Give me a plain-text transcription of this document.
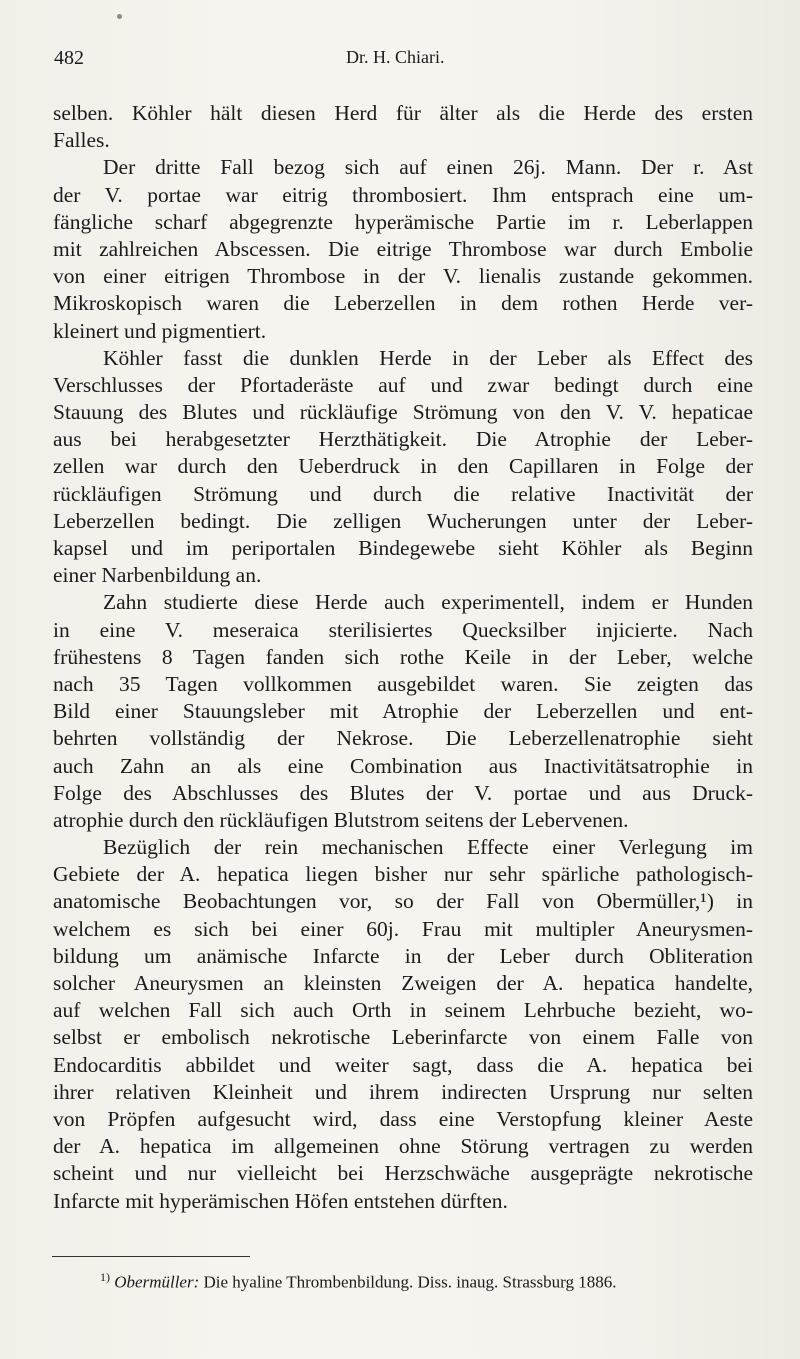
482	Dr. H. Chiari.
selben. Köhler hält diesen Herd für älter als die Herde des ersten
Falles.
Der dritte Fall bezog sich auf einen 26j. Mann. Der r. Ast
der V. portae war eitrig thrombosiert. Ihm entsprach eine um-
fängliche scharf abgegrenzte hyperämische Partie im r. Leberlappen
mit zahlreichen Abscessen. Die eitrige Thrombose war durch Embolie
von einer eitrigen Thrombose in der V. lienalis zustande gekommen.
Mikroskopisch waren die Leberzellen in dem rothen Herde ver-
kleinert und pigmentiert.
Köhler fasst die dunklen Herde in der Leber als Effect des
Verschlusses der Pfortaderäste auf und zwar bedingt durch eine
Stauung des Blutes und rückläufige Strömung von den V. V. hepaticae
aus bei herabgesetzter Herzthätigkeit. Die Atrophie der Leber-
zellen war durch den Ueberdruck in den Capillaren in Folge der
rückläufigen Strömung und durch die relative Inactivität der
Leberzellen bedingt. Die zelligen Wucherungen unter der Leber-
kapsel und im periportalen Bindegewebe sieht Köhler als Beginn
einer Narbenbildung an.
Zahn studierte diese Herde auch experimentell, indem er Hunden
in eine V. meseraica sterilisiertes Quecksilber injicierte. Nach
frühestens 8 Tagen fanden sich rothe Keile in der Leber, welche
nach 35 Tagen vollkommen ausgebildet waren. Sie zeigten das
Bild einer Stauungsleber mit Atrophie der Leberzellen und ent-
behrten vollständig der Nekrose. Die Leberzellenatrophie sieht
auch Zahn an als eine Combination aus Inactivitätsatrophie in
Folge des Abschlusses des Blutes der V. portae und aus Druck-
atrophie durch den rückläufigen Blutstrom seitens der Lebervenen.
Bezüglich der rein mechanischen Effecte einer Verlegung im
Gebiete der A. hepatica liegen bisher nur sehr spärliche pathologisch-
anatomische Beobachtungen vor, so der Fall von Obermüller,¹) in
welchem es sich bei einer 60j. Frau mit multipler Aneurysmen-
bildung um anämische Infarcte in der Leber durch Obliteration
solcher Aneurysmen an kleinsten Zweigen der A. hepatica handelte,
auf welchen Fall sich auch Orth in seinem Lehrbuche bezieht, wo-
selbst er embolisch nekrotische Leberinfarcte von einem Falle von
Endocarditis abbildet und weiter sagt, dass die A. hepatica bei
ihrer relativen Kleinheit und ihrem indirecten Ursprung nur selten
von Pröpfen aufgesucht wird, dass eine Verstopfung kleiner Aeste
der A. hepatica im allgemeinen ohne Störung vertragen zu werden
scheint und nur vielleicht bei Herzschwäche ausgeprägte nekrotische
Infarcte mit hyperämischen Höfen entstehen dürften.
$^{1)}$ Obermüller: Die hyaline Thrombenbildung. Diss. inaug. Strassburg 1886.
